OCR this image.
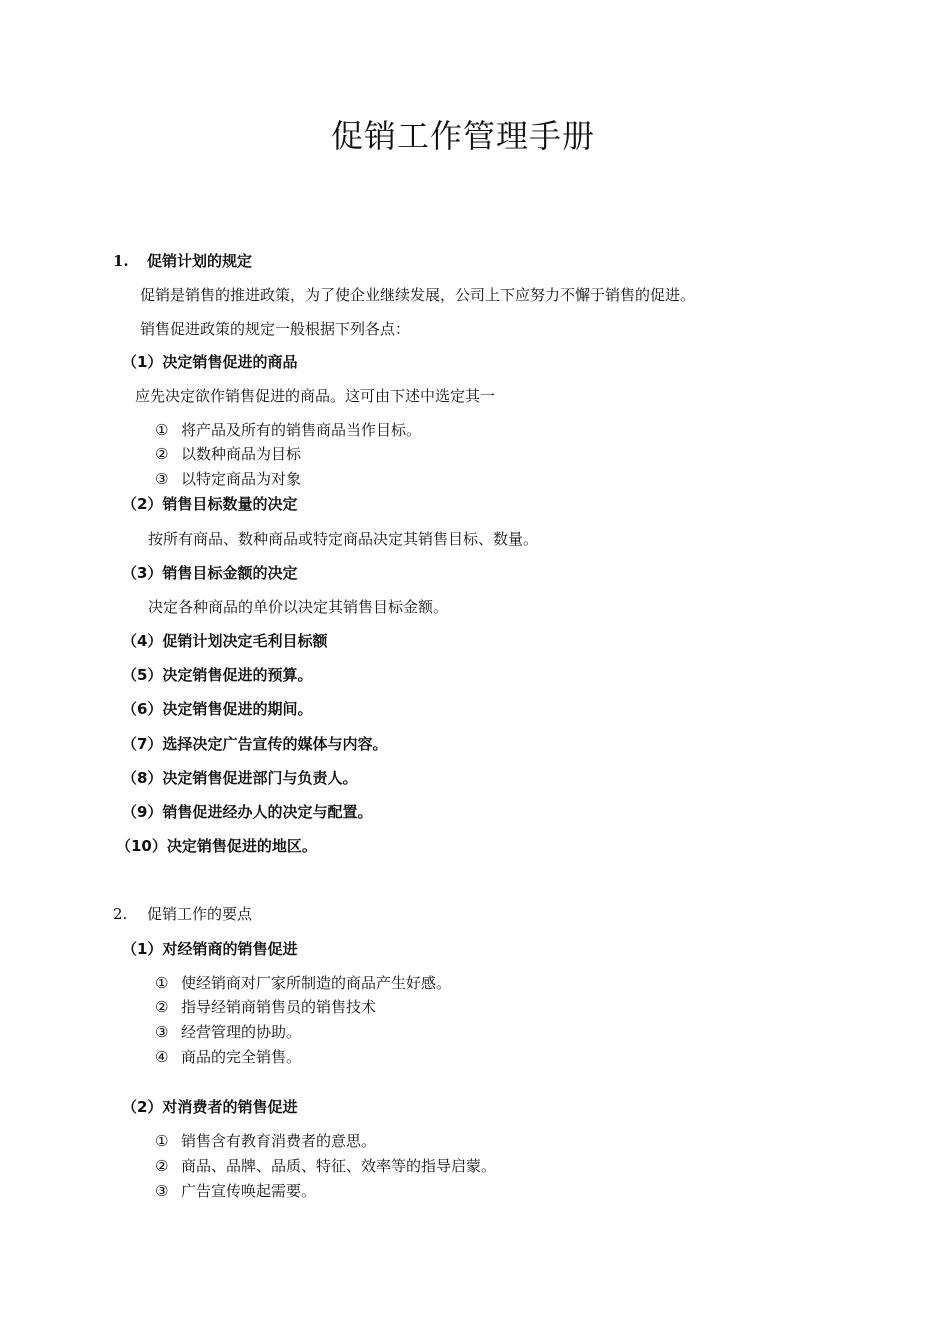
促销工作管理手册
1. 促销计划的规定
促销是销售的推进政策，为了使企业继续发展，公司上下应努力不懈于销售的促进。
销售促进政策的规定一般根据下列各点：
（1）决定销售促进的商品
应先决定欲作销售促进的商品。这可由下述中选定其一
① 将产品及所有的销售商品当作目标。
② 以数种商品为目标
③ 以特定商品为对象
（2）销售目标数量的决定
按所有商品、数种商品或特定商品决定其销售目标、数量。
（3）销售目标金额的决定
决定各种商品的单价以决定其销售目标金额。
（4）促销计划决定毛利目标额
（5）决定销售促进的预算。
（6）决定销售促进的期间。
（7）选择决定广告宣传的媒体与内容。
（8）决定销售促进部门与负责人。
（9）销售促进经办人的决定与配置。
（10）决定销售促进的地区。
2. 促销工作的要点
（1）对经销商的销售促进
① 使经销商对厂家所制造的商品产生好感。
② 指导经销商销售员的销售技术
③ 经营管理的协助。
④ 商品的完全销售。
（2）对消费者的销售促进
① 销售含有教育消费者的意思。
② 商品、品牌、品质、特征、效率等的指导启蒙。
③ 广告宣传唤起需要。
